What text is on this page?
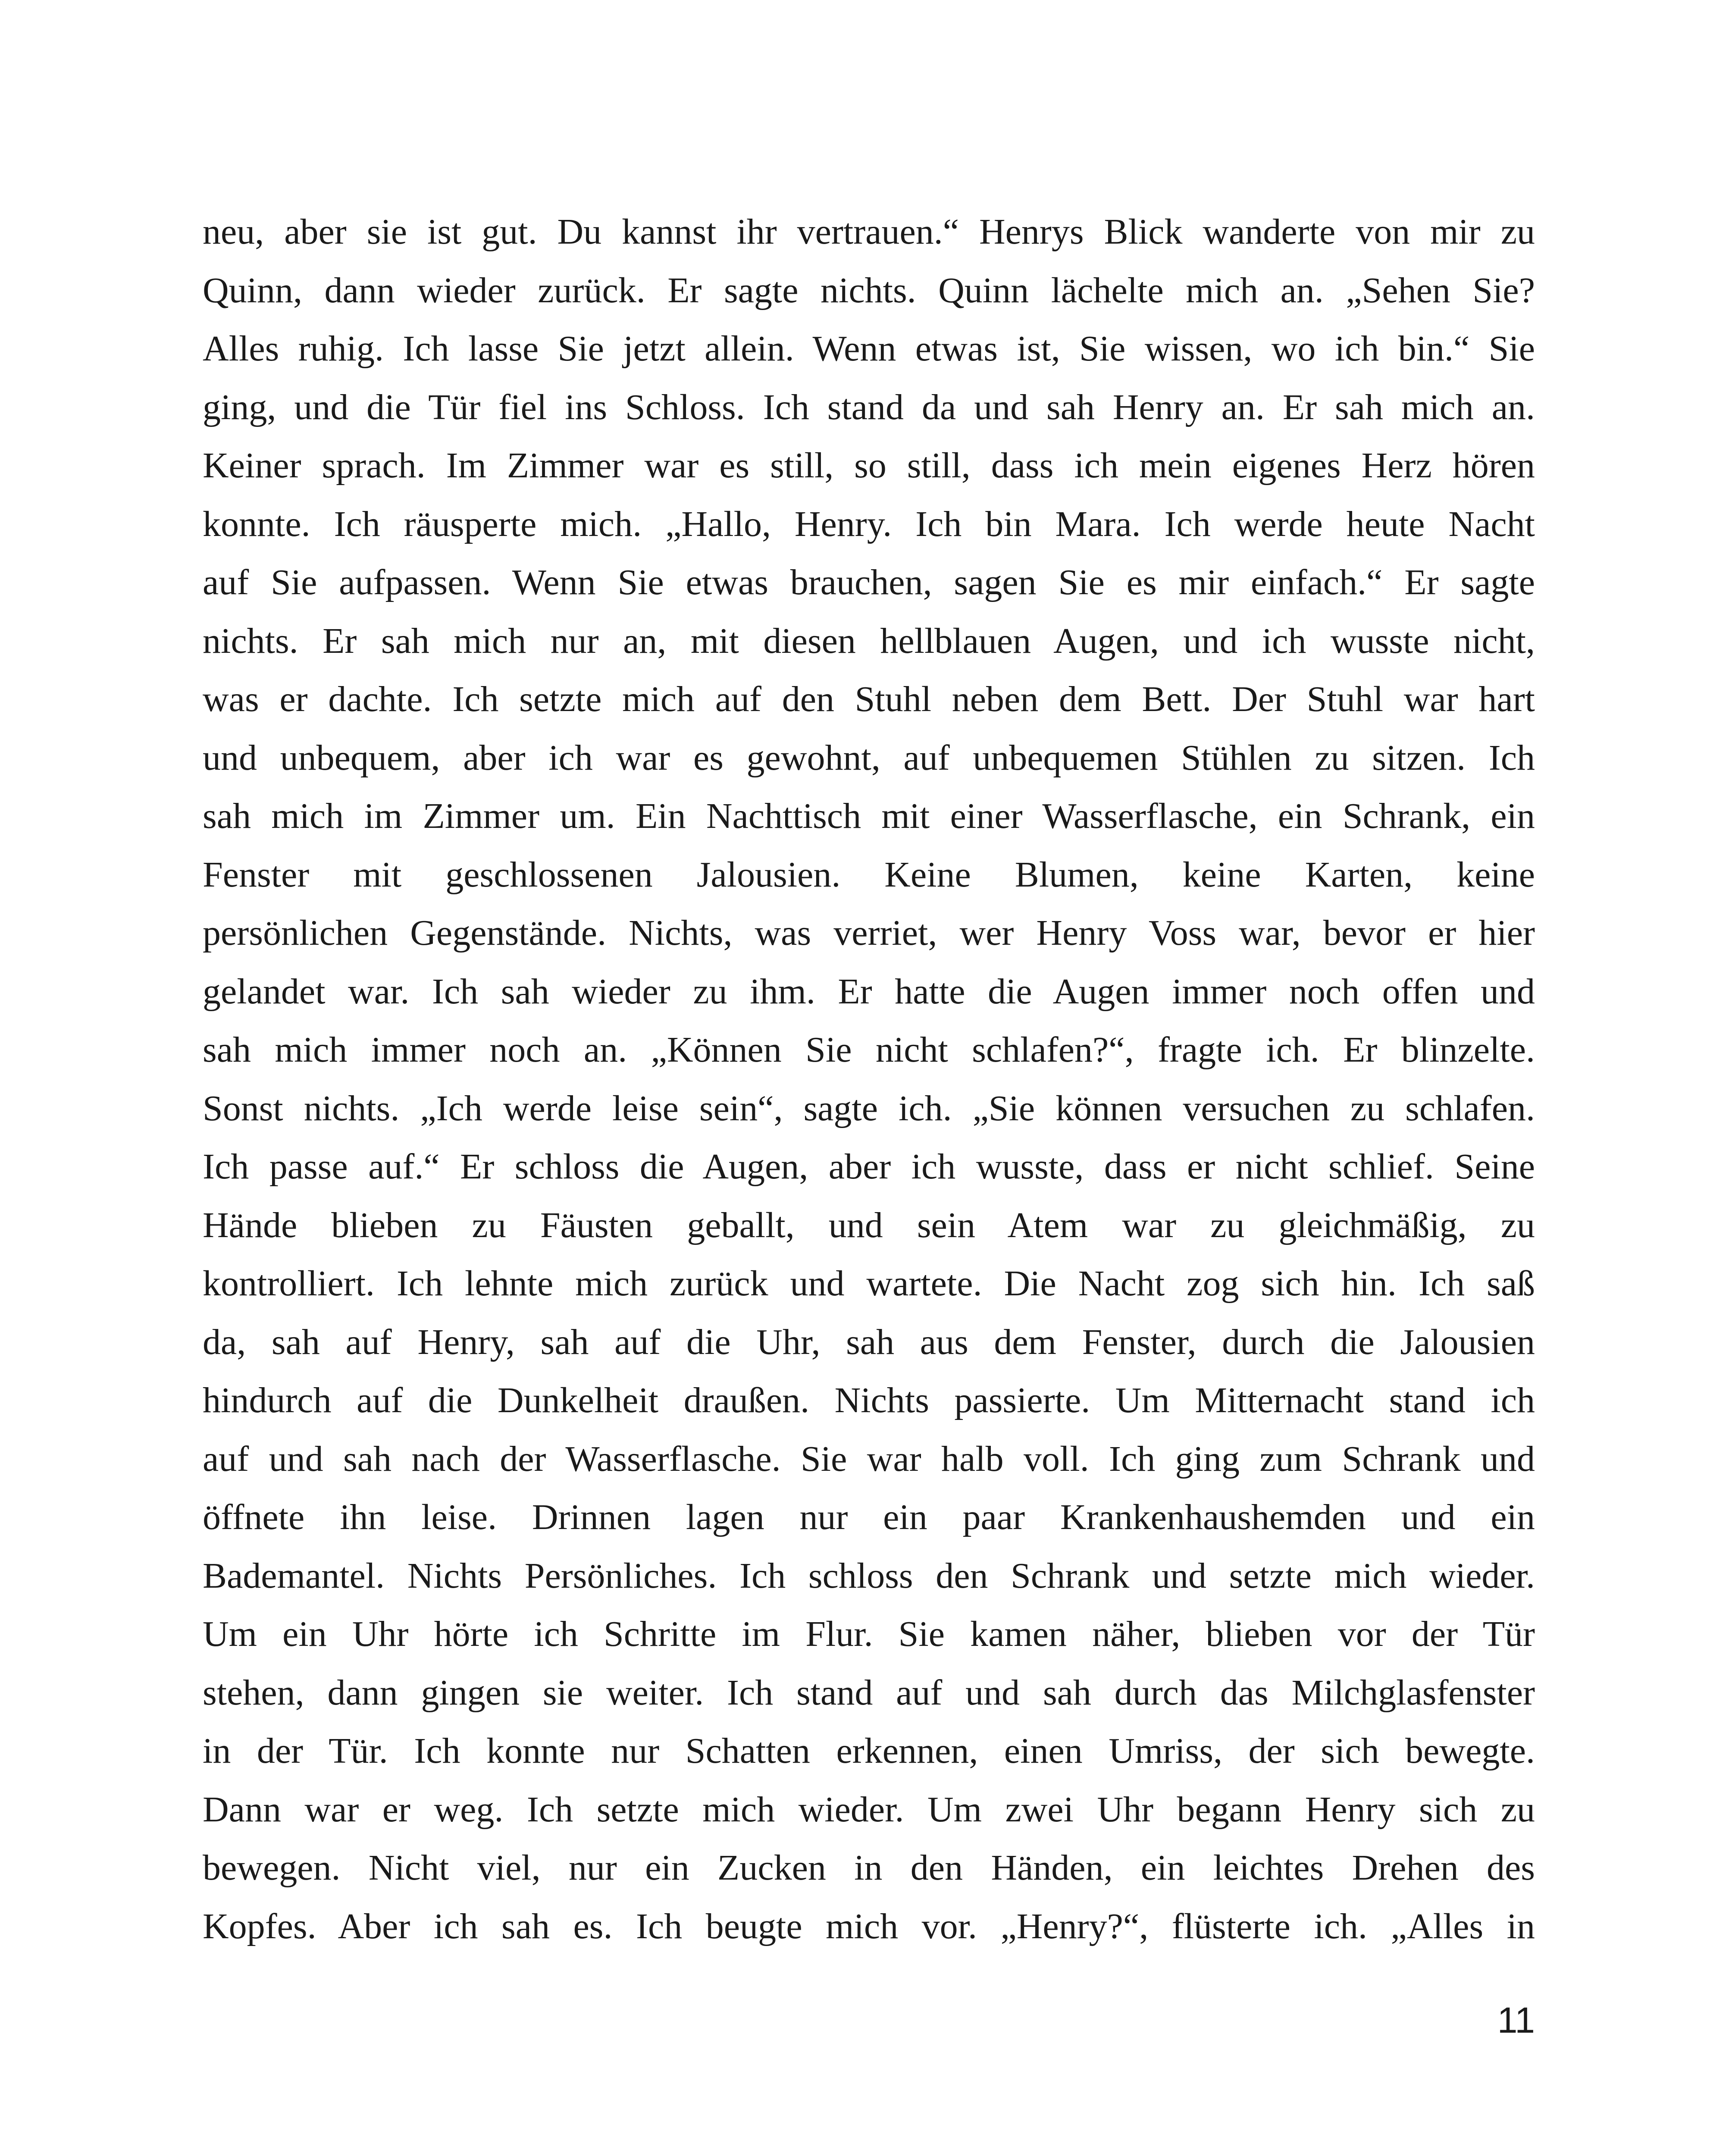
neu, aber sie ist gut. Du kannst ihr vertrauen.“ Henrys Blick wanderte von mir zu
Quinn, dann wieder zurück. Er sagte nichts. Quinn lächelte mich an. „Sehen Sie?
Alles ruhig. Ich lasse Sie jetzt allein. Wenn etwas ist, Sie wissen, wo ich bin.“ Sie
ging, und die Tür fiel ins Schloss. Ich stand da und sah Henry an. Er sah mich an.
Keiner sprach. Im Zimmer war es still, so still, dass ich mein eigenes Herz hören
konnte. Ich räusperte mich. „Hallo, Henry. Ich bin Mara. Ich werde heute Nacht
auf Sie aufpassen. Wenn Sie etwas brauchen, sagen Sie es mir einfach.“ Er sagte
nichts. Er sah mich nur an, mit diesen hellblauen Augen, und ich wusste nicht,
was er dachte. Ich setzte mich auf den Stuhl neben dem Bett. Der Stuhl war hart
und unbequem, aber ich war es gewohnt, auf unbequemen Stühlen zu sitzen. Ich
sah mich im Zimmer um. Ein Nachttisch mit einer Wasserflasche, ein Schrank, ein
Fenster mit geschlossenen Jalousien. Keine Blumen, keine Karten, keine
persönlichen Gegenstände. Nichts, was verriet, wer Henry Voss war, bevor er hier
gelandet war. Ich sah wieder zu ihm. Er hatte die Augen immer noch offen und
sah mich immer noch an. „Können Sie nicht schlafen?“, fragte ich. Er blinzelte.
Sonst nichts. „Ich werde leise sein“, sagte ich. „Sie können versuchen zu schlafen.
Ich passe auf.“ Er schloss die Augen, aber ich wusste, dass er nicht schlief. Seine
Hände blieben zu Fäusten geballt, und sein Atem war zu gleichmäßig, zu
kontrolliert. Ich lehnte mich zurück und wartete. Die Nacht zog sich hin. Ich saß
da, sah auf Henry, sah auf die Uhr, sah aus dem Fenster, durch die Jalousien
hindurch auf die Dunkelheit draußen. Nichts passierte. Um Mitternacht stand ich
auf und sah nach der Wasserflasche. Sie war halb voll. Ich ging zum Schrank und
öffnete ihn leise. Drinnen lagen nur ein paar Krankenhaushemden und ein
Bademantel. Nichts Persönliches. Ich schloss den Schrank und setzte mich wieder.
Um ein Uhr hörte ich Schritte im Flur. Sie kamen näher, blieben vor der Tür
stehen, dann gingen sie weiter. Ich stand auf und sah durch das Milchglasfenster
in der Tür. Ich konnte nur Schatten erkennen, einen Umriss, der sich bewegte.
Dann war er weg. Ich setzte mich wieder. Um zwei Uhr begann Henry sich zu
bewegen. Nicht viel, nur ein Zucken in den Händen, ein leichtes Drehen des
Kopfes. Aber ich sah es. Ich beugte mich vor. „Henry?“, flüsterte ich. „Alles in
11
